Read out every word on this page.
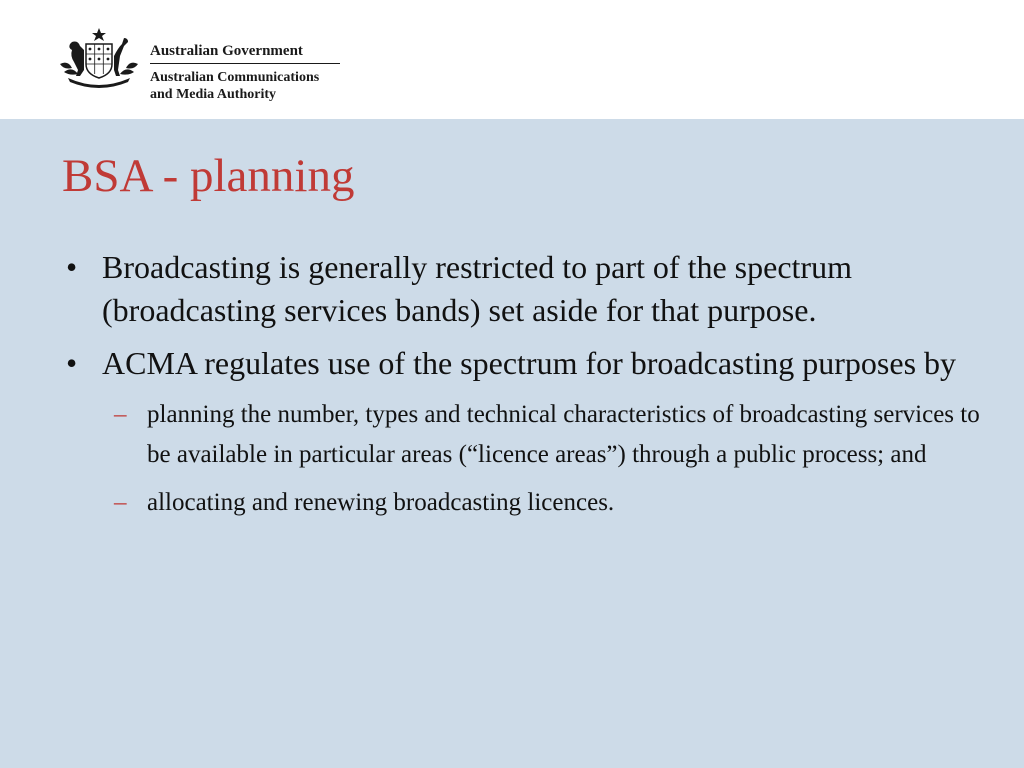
Australian Government
Australian Communications
and Media Authority
BSA - planning
• Broadcasting is generally restricted to part of the spectrum (broadcasting services bands) set aside for that purpose.
• ACMA regulates use of the spectrum for broadcasting purposes by
– planning the number, types and technical characteristics of broadcasting services to be available in particular areas (“licence areas”) through a public process; and
– allocating and renewing broadcasting licences.
